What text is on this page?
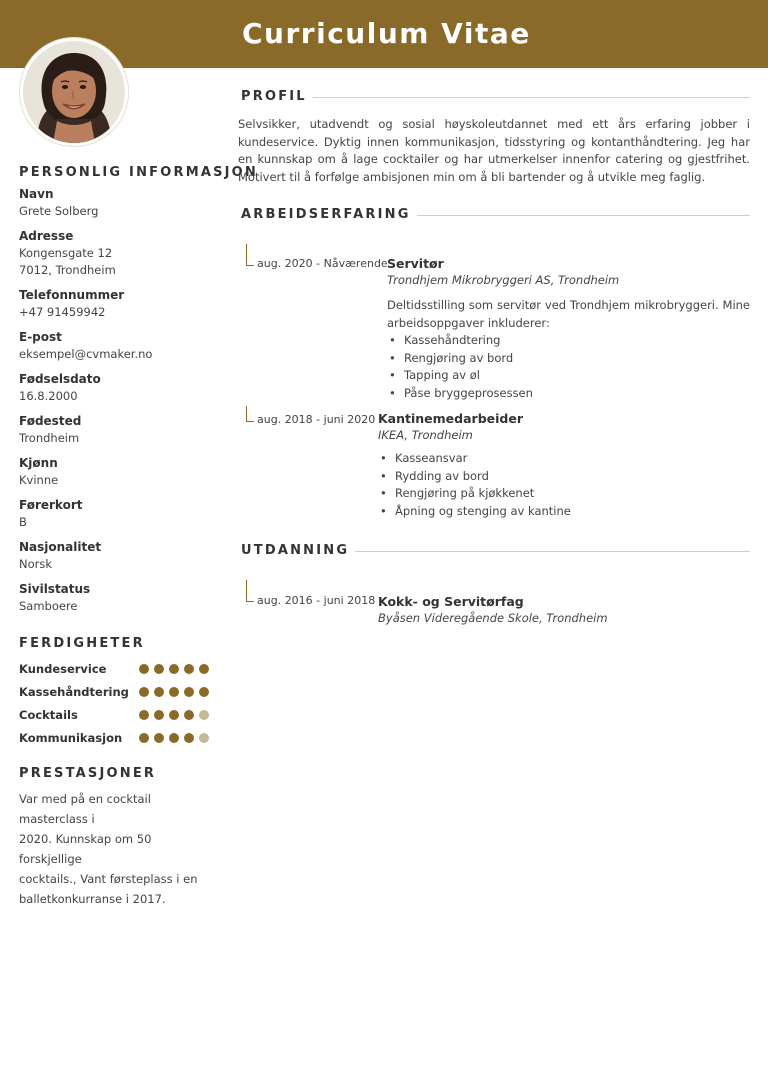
Curriculum Vitae
PERSONLIG INFORMASJON
Navn
Grete Solberg
Adresse
Kongensgate 12
7012, Trondheim
Telefonnummer
+47 91459942
E-post
eksempel@cvmaker.no
Fødselsdato
16.8.2000
Fødested
Trondheim
Kjønn
Kvinne
Førerkort
B
Nasjonalitet
Norsk
Sivilstatus
Samboere
FERDIGHETER
Kundeservice
Kassehåndtering
Cocktails
Kommunikasjon
PRESTASJONER
Var med på en cocktail masterclass i
2020. Kunnskap om 50 forskjellige
cocktails., Vant førsteplass i en
balletkonkurranse i 2017.
PROFIL
Selvsikker, utadvendt og sosial høyskoleutdannet med ett års erfaring jobber i kundeservice. Dyktig innen kommunikasjon, tidsstyring og kontanthåndtering. Jeg har en kunnskap om å lage cocktailer og har utmerkelser innenfor catering og gjestfrihet. Motivert til å forfølge ambisjonen min om å bli bartender og å utvikle meg faglig.
ARBEIDSERFARING
aug. 2020 - Nåværende Servitør
Trondhjem Mikrobryggeri AS, Trondheim
Deltidsstilling som servitør ved Trondhjem mikrobryggeri. Mine arbeidsoppgaver inkluderer:
• Kassehåndtering
• Rengjøring av bord
• Tapping av øl
• Påse bryggeprosessen
aug. 2018 - juni 2020 Kantinemedarbeider
IKEA, Trondheim
• Kasseansvar
• Rydding av bord
• Rengjøring på kjøkkenet
• Åpning og stenging av kantine
UTDANNING
aug. 2016 - juni 2018 Kokk- og Servitørfag
Byåsen Videregående Skole, Trondheim
